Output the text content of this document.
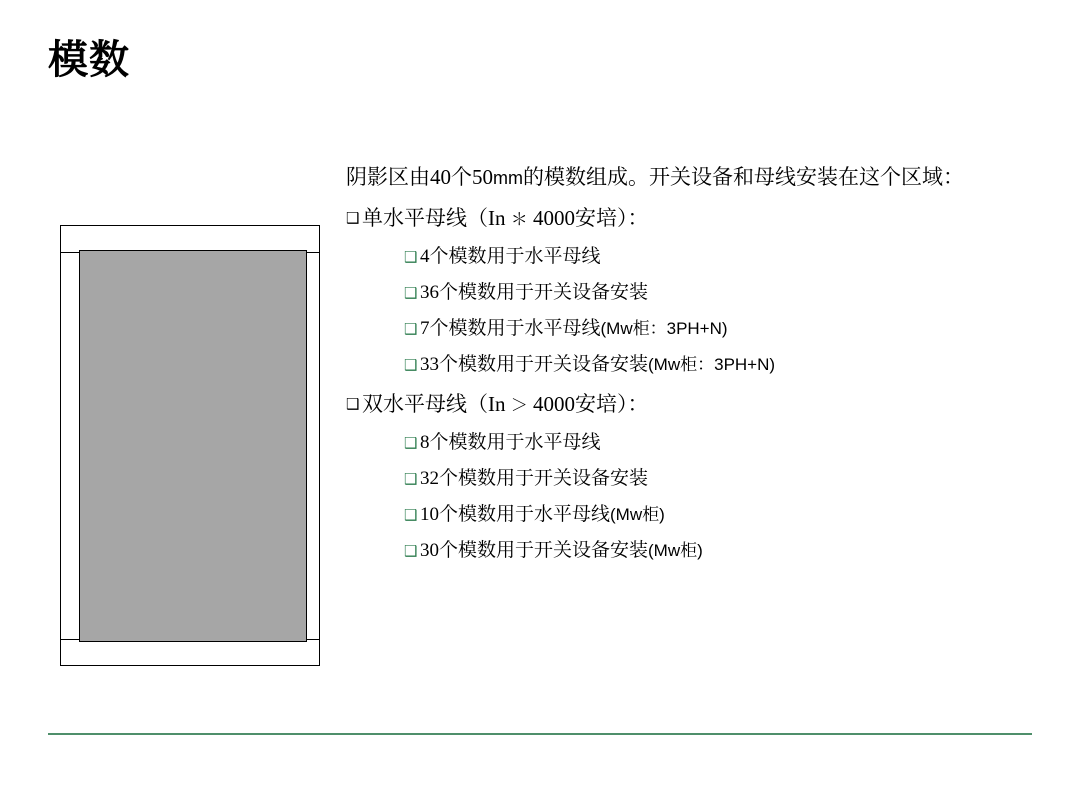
模数

阴影区由40个50mm的模数组成。开关设备和母线安装在这个区域：

❑ 单水平母线（In ＊ 4000安培）：
❑ 4个模数用于水平母线
❑ 36个模数用于开关设备安装
❑ 7个模数用于水平母线(Mw柜：3PH+N)
❑ 33个模数用于开关设备安装(Mw柜：3PH+N)
❑ 双水平母线（In ＞ 4000安培）：
❑ 8个模数用于水平母线
❑ 32个模数用于开关设备安装
❑ 10个模数用于水平母线(Mw柜)
❑ 30个模数用于开关设备安装(Mw柜)
